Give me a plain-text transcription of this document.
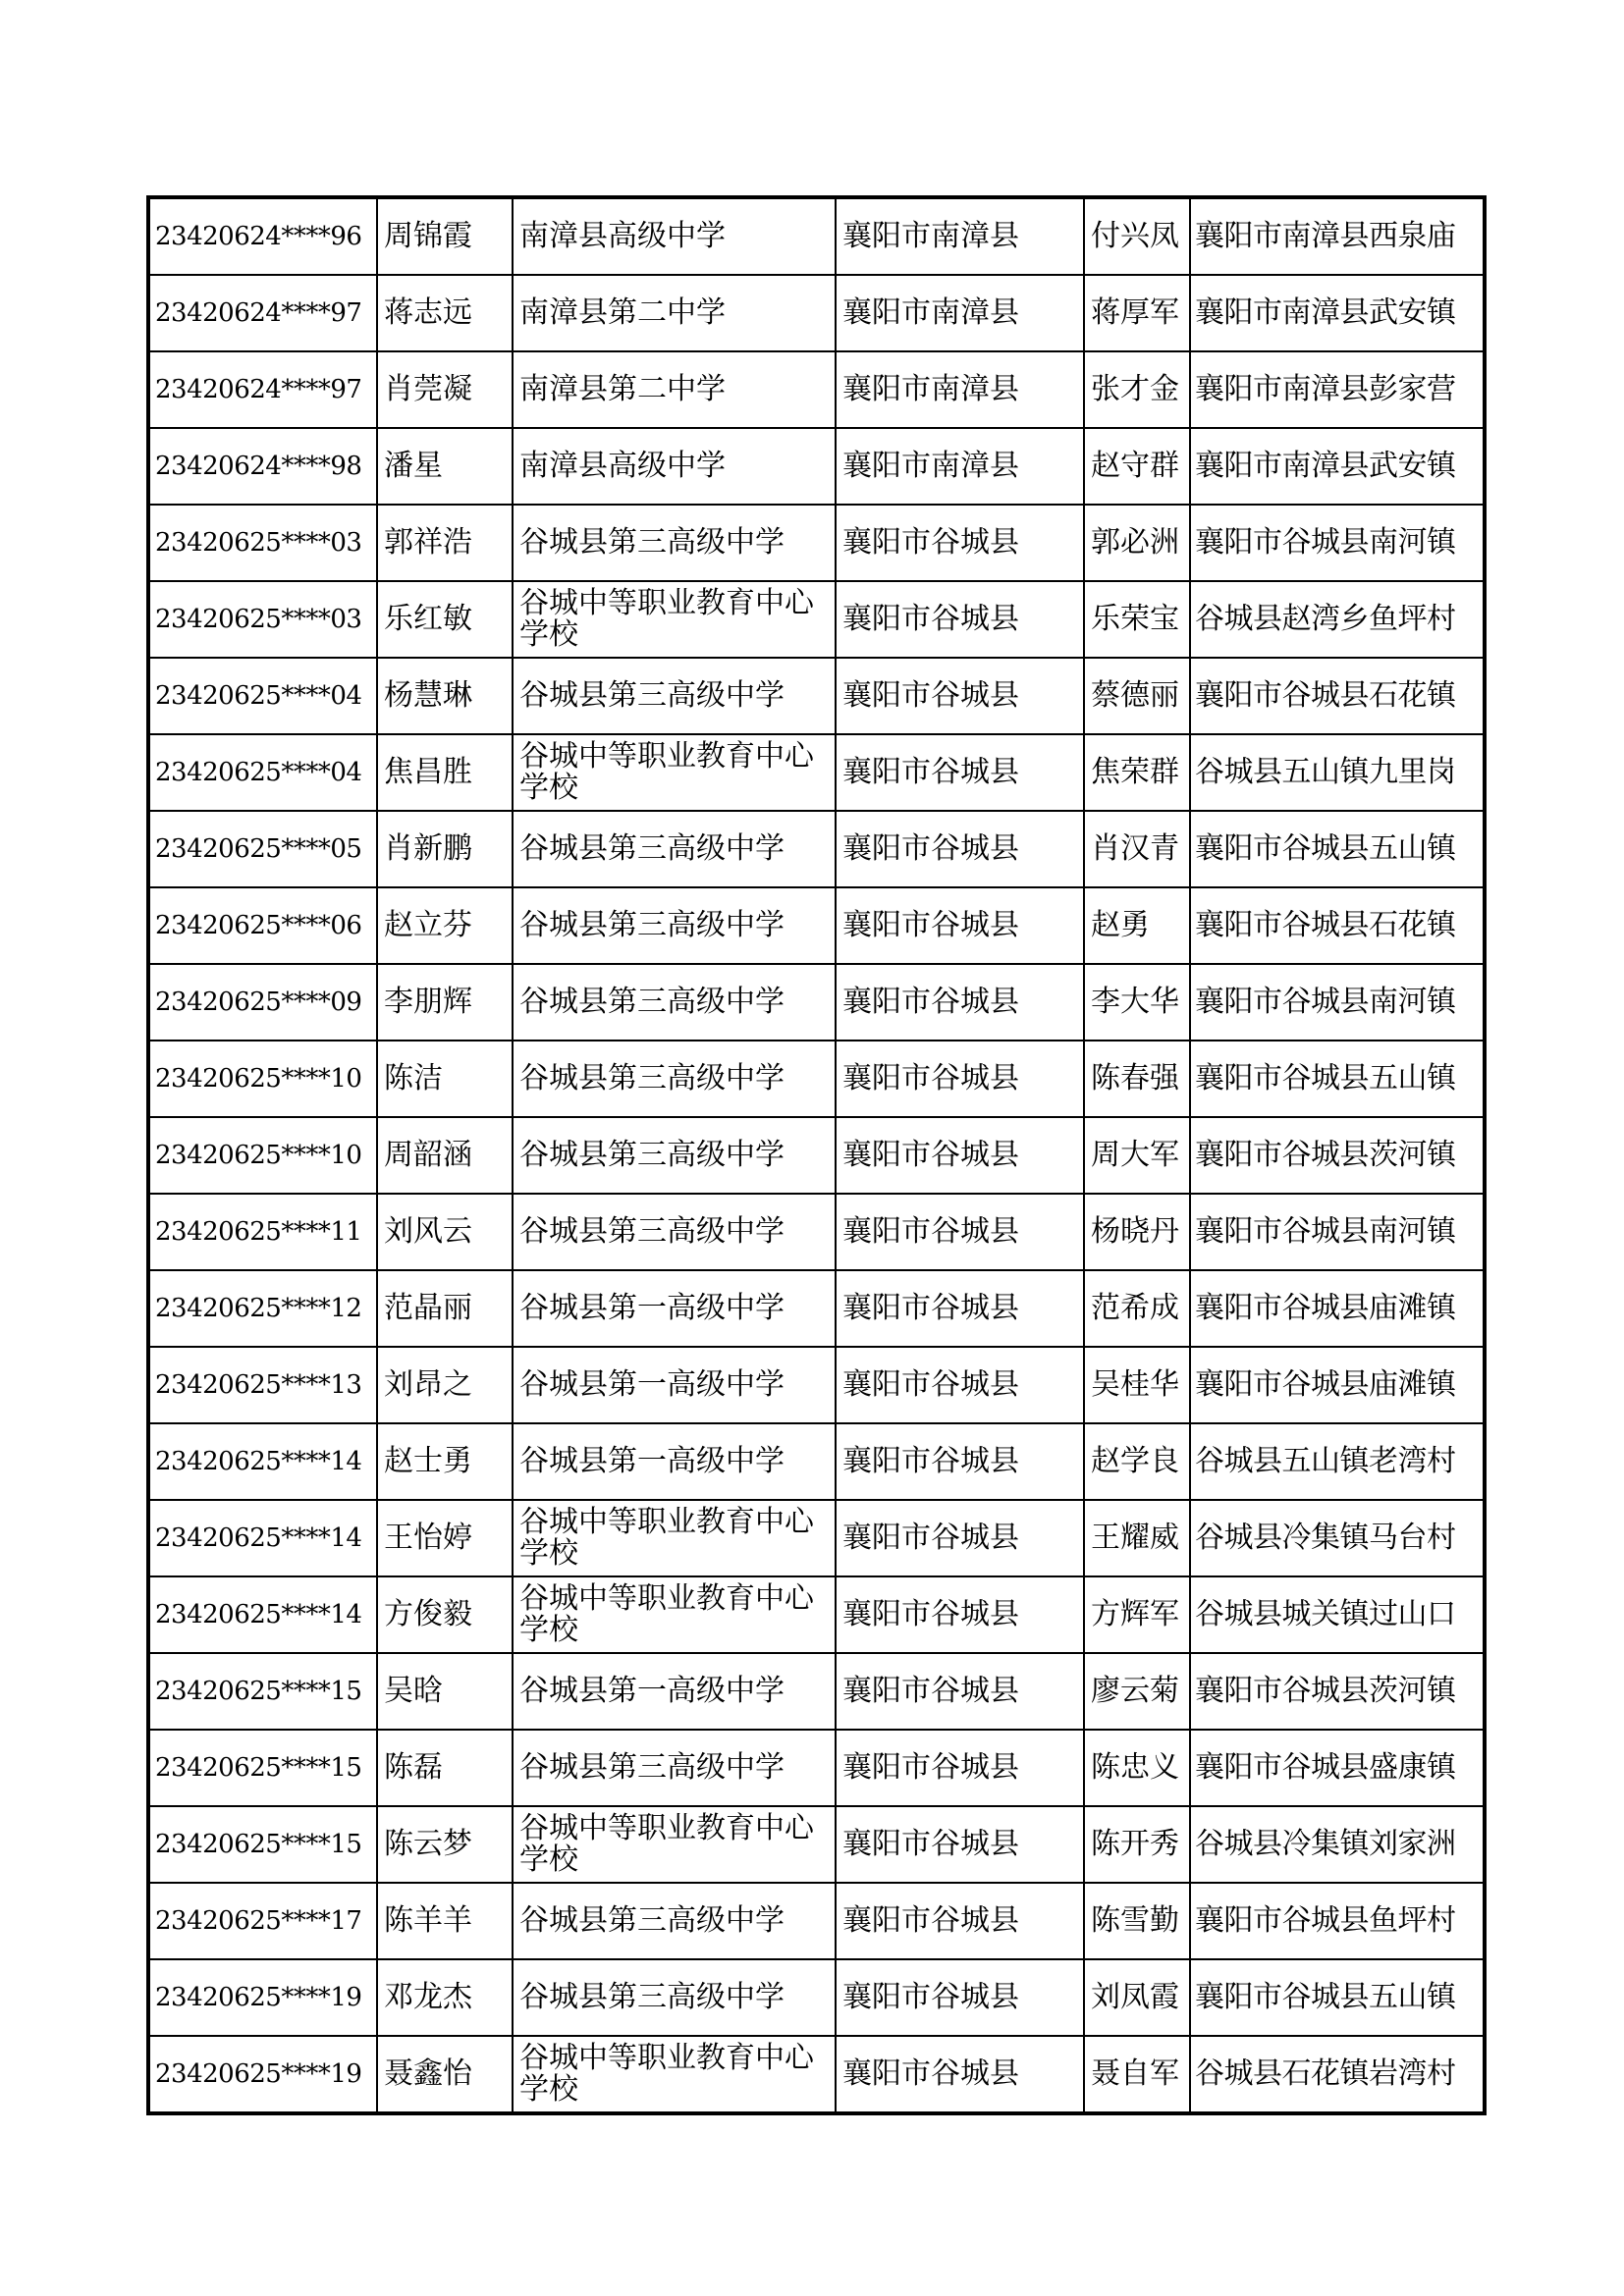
23420624****96	周锦霞	南漳县高级中学	襄阳市南漳县	付兴凤	襄阳市南漳县西泉庙
23420624****97	蒋志远	南漳县第二中学	襄阳市南漳县	蒋厚军	襄阳市南漳县武安镇
23420624****97	肖莞凝	南漳县第二中学	襄阳市南漳县	张才金	襄阳市南漳县彭家营
23420624****98	潘星	南漳县高级中学	襄阳市南漳县	赵守群	襄阳市南漳县武安镇
23420625****03	郭祥浩	谷城县第三高级中学	襄阳市谷城县	郭必洲	襄阳市谷城县南河镇
23420625****03	乐红敏	谷城中等职业教育中心学校	襄阳市谷城县	乐荣宝	谷城县赵湾乡鱼坪村
23420625****04	杨慧琳	谷城县第三高级中学	襄阳市谷城县	蔡德丽	襄阳市谷城县石花镇
23420625****04	焦昌胜	谷城中等职业教育中心学校	襄阳市谷城县	焦荣群	谷城县五山镇九里岗
23420625****05	肖新鹏	谷城县第三高级中学	襄阳市谷城县	肖汉青	襄阳市谷城县五山镇
23420625****06	赵立芬	谷城县第三高级中学	襄阳市谷城县	赵勇	襄阳市谷城县石花镇
23420625****09	李朋辉	谷城县第三高级中学	襄阳市谷城县	李大华	襄阳市谷城县南河镇
23420625****10	陈洁	谷城县第三高级中学	襄阳市谷城县	陈春强	襄阳市谷城县五山镇
23420625****10	周韶涵	谷城县第三高级中学	襄阳市谷城县	周大军	襄阳市谷城县茨河镇
23420625****11	刘风云	谷城县第三高级中学	襄阳市谷城县	杨晓丹	襄阳市谷城县南河镇
23420625****12	范晶丽	谷城县第一高级中学	襄阳市谷城县	范希成	襄阳市谷城县庙滩镇
23420625****13	刘昂之	谷城县第一高级中学	襄阳市谷城县	吴桂华	襄阳市谷城县庙滩镇
23420625****14	赵士勇	谷城县第一高级中学	襄阳市谷城县	赵学良	谷城县五山镇老湾村
23420625****14	王怡婷	谷城中等职业教育中心学校	襄阳市谷城县	王耀威	谷城县冷集镇马台村
23420625****14	方俊毅	谷城中等职业教育中心学校	襄阳市谷城县	方辉军	谷城县城关镇过山口
23420625****15	吴晗	谷城县第一高级中学	襄阳市谷城县	廖云菊	襄阳市谷城县茨河镇
23420625****15	陈磊	谷城县第三高级中学	襄阳市谷城县	陈忠义	襄阳市谷城县盛康镇
23420625****15	陈云梦	谷城中等职业教育中心学校	襄阳市谷城县	陈开秀	谷城县冷集镇刘家洲
23420625****17	陈羊羊	谷城县第三高级中学	襄阳市谷城县	陈雪勤	襄阳市谷城县鱼坪村
23420625****19	邓龙杰	谷城县第三高级中学	襄阳市谷城县	刘凤霞	襄阳市谷城县五山镇
23420625****19	聂鑫怡	谷城中等职业教育中心学校	襄阳市谷城县	聂自军	谷城县石花镇岩湾村
